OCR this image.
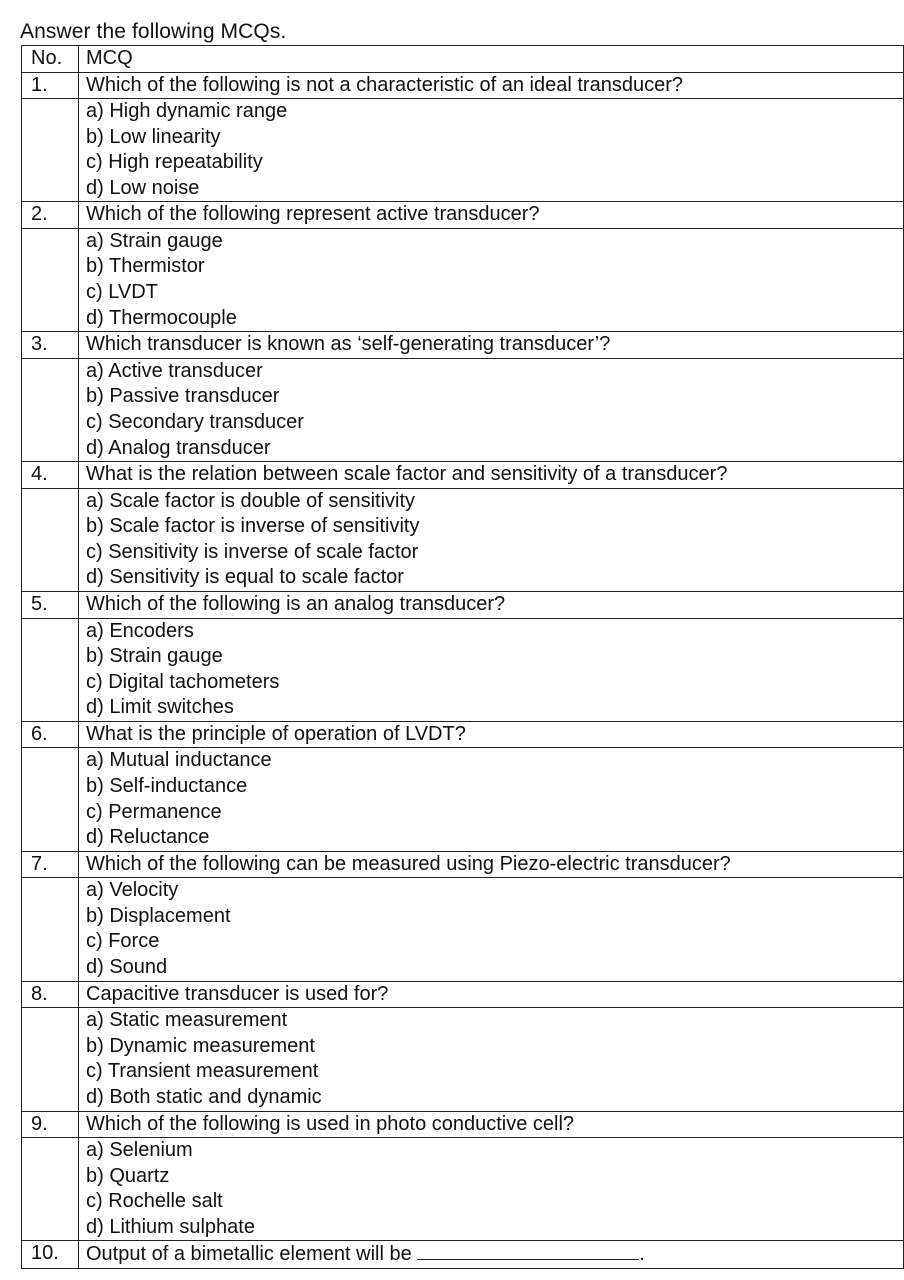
Answer the following MCQs.
No.	MCQ
1.	Which of the following is not a characteristic of an ideal transducer?

	a) High dynamic range
b) Low linearity
c) High repeatability
d) Low noise

2.	Which of the following represent active transducer?

	a) Strain gauge
b) Thermistor
c) LVDT
d) Thermocouple

3.	Which transducer is known as ‘self-generating transducer’?

	a) Active transducer
b) Passive transducer
c) Secondary transducer
d) Analog transducer

4.	What is the relation between scale factor and sensitivity of a transducer?

	a) Scale factor is double of sensitivity
b) Scale factor is inverse of sensitivity
c) Sensitivity is inverse of scale factor
d) Sensitivity is equal to scale factor

5.	Which of the following is an analog transducer?

	a) Encoders
b) Strain gauge
c) Digital tachometers
d) Limit switches

6.	What is the principle of operation of LVDT?

	a) Mutual inductance
b) Self-inductance
c) Permanence
d) Reluctance

7.	Which of the following can be measured using Piezo-electric transducer?

	a) Velocity
b) Displacement
c) Force
d) Sound

8.	Capacitive transducer is used for?

	a) Static measurement
b) Dynamic measurement
c) Transient measurement
d) Both static and dynamic

9.	Which of the following is used in photo conductive cell?

	a) Selenium
b) Quartz
c) Rochelle salt
d) Lithium sulphate

10.	Output of a bimetallic element will be .
